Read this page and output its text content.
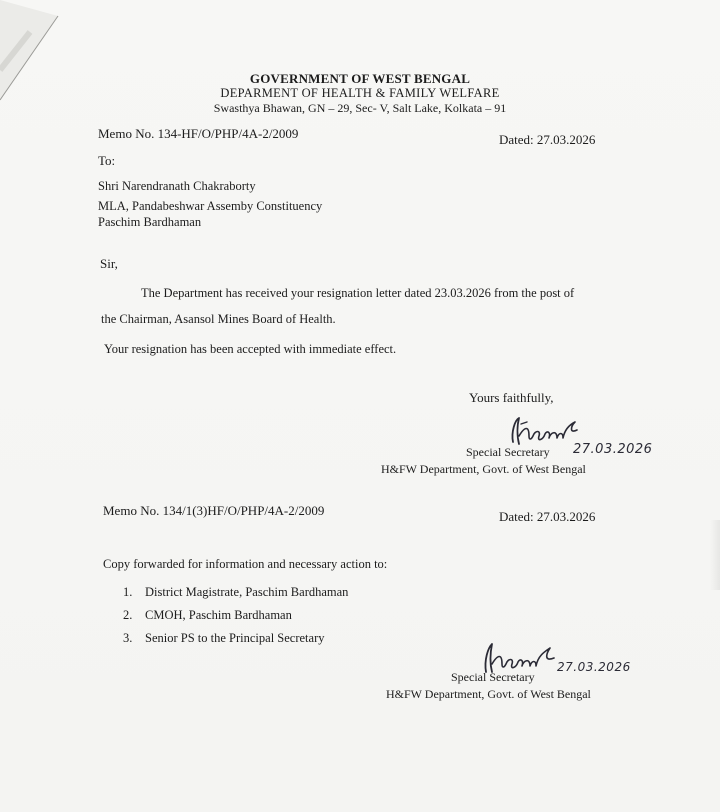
GOVERNMENT OF WEST BENGAL
DEPARMENT OF HEALTH & FAMILY WELFARE
Swasthya Bhawan, GN – 29, Sec- V, Salt Lake, Kolkata – 91
Memo No. 134-HF/O/PHP/4A-2/2009	Dated: 27.03.2026
To:
Shri Narendranath Chakraborty
MLA, Pandabeshwar Assemby Constituency
Paschim Bardhaman
Sir,
The Department has received your resignation letter dated 23.03.2026 from the post of
the Chairman, Asansol Mines Board of Health.
Your resignation has been accepted with immediate effect.
Yours faithfully,
Special Secretary 27.03.2026
H&FW Department, Govt. of West Bengal
Memo No. 134/1(3)HF/O/PHP/4A-2/2009	Dated: 27.03.2026
Copy forwarded for information and necessary action to:
1. District Magistrate, Paschim Bardhaman
2. CMOH, Paschim Bardhaman
3. Senior PS to the Principal Secretary
Special Secretary
27.03.2026
H&FW Department, Govt. of West Bengal
